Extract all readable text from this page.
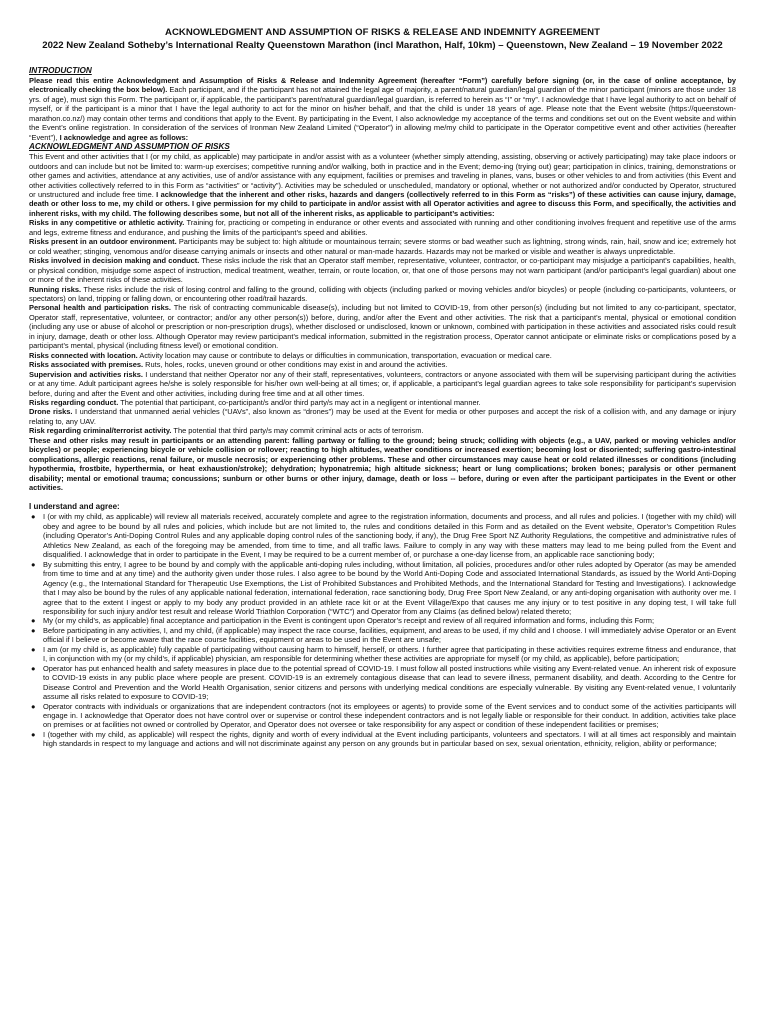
ACKNOWLEDGMENT AND ASSUMPTION OF RISKS & RELEASE AND INDEMNITY AGREEMENT

2022 New Zealand Sotheby’s International Realty Queenstown Marathon (incl Marathon, Half, 10km) – Queenstown, New Zealand – 19 November 2022

INTRODUCTION

Please read this entire Acknowledgment and Assumption of Risks & Release and Indemnity Agreement (hereafter “Form”) carefully before signing (or, in the case of online acceptance, by electronically checking the box below). Each participant, and if the participant has not attained the legal age of majority, a parent/natural guardian/legal guardian of the minor participant (minors are those under 18 yrs. of age), must sign this Form. The participant or, if applicable, the participant’s parent/natural guardian/legal guardian, is referred to herein as “I” or “my”. I acknowledge that I have legal authority to act on behalf of myself, or if the participant is a minor that I have the legal authority to act for the minor on his/her behalf, and that the child is under 18 years of age. Please note that the Event website (https://queenstown-marathon.co.nz/) may contain other terms and conditions that apply to the Event. By participating in the Event, I also acknowledge my acceptance of the terms and conditions set out on the Event website and within the Event’s online registration. In consideration of the services of Ironman New Zealand Limited (“Operator”) in allowing me/my child to participate in the Operator competitive event and other activities (hereafter “Event”), I acknowledge and agree as follows:

ACKNOWLEDGMENT AND ASSUMPTION OF RISKS

This Event and other activities that I (or my child, as applicable) may participate in and/or assist with as a volunteer (whether simply attending, assisting, observing or actively participating) may take place indoors or outdoors and can include but not be limited to: warm-up exercises; competitive running and/or walking, both in practice and in the Event; demo-ing (trying out) gear; participation in clinics, training, demonstrations or other games and activities, attendance at any activities, use of and/or assistance with any equipment, facilities or premises and traveling in planes, vans, buses or other vehicles to and from activities (this Event and other activities collectively referred to in this Form as “activities” or “activity”). Activities may be scheduled or unscheduled, mandatory or optional, whether or not authorized and/or conducted by Operator, structured or unstructured and include free time. I acknowledge that the inherent and other risks, hazards and dangers (collectively referred to in this Form as “risks”) of these activities can cause injury, damage, death or other loss to me, my child or others. I give permission for my child to participate in and/or assist with all Operator activities and agree to discuss this Form, and specifically, the activities and inherent risks, with my child. The following describes some, but not all of the inherent risks, as applicable to participant’s activities:

Risks in any competitive or athletic activity. Training for, practicing or competing in endurance or other events and associated with running and other conditioning involves frequent and repetitive use of the arms and legs, extreme fitness and endurance, and pushing the limits of the participant’s speed and abilities.

Risks present in an outdoor environment. Participants may be subject to: high altitude or mountainous terrain; severe storms or bad weather such as lightning, strong winds, rain, hail, snow and ice; extremely hot or cold weather; stinging, venomous and/or disease carrying animals or insects and other natural or man-made hazards. Hazards may not be marked or visible and weather is always unpredictable.

Risks involved in decision making and conduct. These risks include the risk that an Operator staff member, representative, volunteer, contractor, or co-participant may misjudge a participant’s capabilities, health, or physical condition, misjudge some aspect of instruction, medical treatment, weather, terrain, or route location, or, that one of those persons may not warn participant (and/or participant’s legal guardian) about one or more of the inherent risks of these activities.

Running risks. These risks include the risk of losing control and falling to the ground, colliding with objects (including parked or moving vehicles and/or bicycles) or people (including co-participants, volunteers, or spectators) on land, tripping or falling down, or encountering other road/trail hazards.

Personal health and participation risks. The risk of contracting communicable disease(s), including but not limited to COVID-19, from other person(s) (including but not limited to any co-participant, spectator, Operator staff, representative, volunteer, or contractor; and/or any other person(s)) before, during, and/or after the Event and other activities. The risk that a participant’s mental, physical or emotional condition (including any use or abuse of alcohol or prescription or non-prescription drugs), whether disclosed or undisclosed, known or unknown, combined with participation in these activities and associated risks could result in injury, damage, death or other loss. Although Operator may review participant’s medical information, submitted in the registration process, Operator cannot anticipate or eliminate risks or complications posed by a participant’s mental, physical (including fitness level) or emotional condition.

Risks connected with location. Activity location may cause or contribute to delays or difficulties in communication, transportation, evacuation or medical care.

Risks associated with premises. Ruts, holes, rocks, uneven ground or other conditions may exist in and around the activities.

Supervision and activities risks. I understand that neither Operator nor any of their staff, representatives, volunteers, contractors or anyone associated with them will be supervising participant during the activities or at any time. Adult participant agrees he/she is solely responsible for his/her own well-being at all times; or, if applicable, a participant’s legal guardian agrees to take sole responsibility for participant’s supervision before, during and after the Event and other activities, including during free time and at all other times.

Risks regarding conduct. The potential that participant, co-participant/s and/or third party/s may act in a negligent or intentional manner.

Drone risks. I understand that unmanned aerial vehicles (“UAVs”, also known as “drones”) may be used at the Event for media or other purposes and accept the risk of a collision with, and any damage or injury relating to, any UAV.

Risk regarding criminal/terrorist activity. The potential that third party/s may commit criminal acts or acts of terrorism.

These and other risks may result in participants or an attending parent: falling partway or falling to the ground; being struck; colliding with objects (e.g., a UAV, parked or moving vehicles and/or bicycles) or people; experiencing bicycle or vehicle collision or rollover; reacting to high altitudes, weather conditions or increased exertion; becoming lost or disoriented; suffering gastro-intestinal complications, allergic reactions, renal failure, or muscle necrosis; or experiencing other problems. These and other circumstances may cause heat or cold related illnesses or conditions (including hypothermia, frostbite, hyperthermia, or heat exhaustion/stroke); dehydration; hyponatremia; high altitude sickness; heart or lung complications; broken bones; paralysis or other permanent disability; mental or emotional trauma; concussions; sunburn or other burns or other injury, damage, death or loss -- before, during or even after the participant participates in the Event or other activities.

I understand and agree:

● I (or with my child, as applicable) will review all materials received, accurately complete and agree to the registration information, documents and process, and all rules and policies. I (together with my child) will obey and agree to be bound by all rules and policies, which include but are not limited to, the rules and conditions detailed in this Form and as detailed on the Event website, Operator’s Competition Rules (including Operator’s Anti-Doping Control Rules and any applicable doping control rules of the sanctioning body, if any), the Drug Free Sport NZ Authority Regulations, the competitive and administrative rules of Athletics New Zealand, as each of the foregoing may be amended, from time to time, and all traffic laws. Failure to comply in any way with these matters may lead to me being pulled from the Event and disqualified. I acknowledge that in order to participate in the Event, I may be required to be a current member of, or purchase a one-day license from, an applicable race sanctioning body;
● By submitting this entry, I agree to be bound by and comply with the applicable anti-doping rules including, without limitation, all policies, procedures and/or other rules adopted by Operator (as may be amended from time to time and at any time) and the authority given under those rules. I also agree to be bound by the World Anti-Doping Code and associated International Standards, as issued by the World Anti-Doping Agency (e.g., the International Standard for Therapeutic Use Exemptions, the List of Prohibited Substances and Prohibited Methods, and the International Standard for Testing and Investigations). I acknowledge that I may also be bound by the rules of any applicable national federation, international federation, race sanctioning body, Drug Free Sport New Zealand, or any anti-doping organisation with authority over me. I agree that to the extent I ingest or apply to my body any product provided in an athlete race kit or at the Event Village/Expo that causes me any injury or to test positive in any doping test, I will take full responsibility for such injury and/or test result and release World Triathlon Corporation (“WTC”) and Operator from any Claims (as defined below) related thereto;
● My (or my child’s, as applicable) final acceptance and participation in the Event is contingent upon Operator’s receipt and review of all required information and forms, including this Form;
● Before participating in any activities, I, and my child, (if applicable) may inspect the race course, facilities, equipment, and areas to be used, if my child and I choose. I will immediately advise Operator or an Event official if I believe or become aware that the race course facilities, equipment or areas to be used in the Event are unsafe;
● I am (or my child is, as applicable) fully capable of participating without causing harm to himself, herself, or others. I further agree that participating in these activities requires extreme fitness and endurance, that I, in conjunction with my (or my child’s, if applicable) physician, am responsible for determining whether these activities are appropriate for myself (or my child, as applicable), before participation;
● Operator has put enhanced health and safety measures in place due to the potential spread of COVID-19. I must follow all posted instructions while visiting any Event-related venue. An inherent risk of exposure to COVID-19 exists in any public place where people are present. COVID-19 is an extremely contagious disease that can lead to severe illness, permanent disability, and death. According to the Centre for Disease Control and Prevention and the World Health Organisation, senior citizens and persons with underlying medical conditions are especially vulnerable. By visiting any Event-related venue, I voluntarily assume all risks related to exposure to COVID-19;
● Operator contracts with individuals or organizations that are independent contractors (not its employees or agents) to provide some of the Event services and to conduct some of the activities participants will engage in. I acknowledge that Operator does not have control over or supervise or control these independent contractors and is not legally liable or responsible for their conduct. In addition, activities take place on premises or at facilities not owned or controlled by Operator, and Operator does not oversee or take responsibility for any aspect or condition of these independent facilities or premises;
● I (together with my child, as applicable) will respect the rights, dignity and worth of every individual at the Event including participants, volunteers and spectators. I will at all times act responsibly and maintain high standards in respect to my language and actions and will not discriminate against any person on any grounds but in particular based on sex, sexual orientation, ethnicity, religion, ability or performance;
